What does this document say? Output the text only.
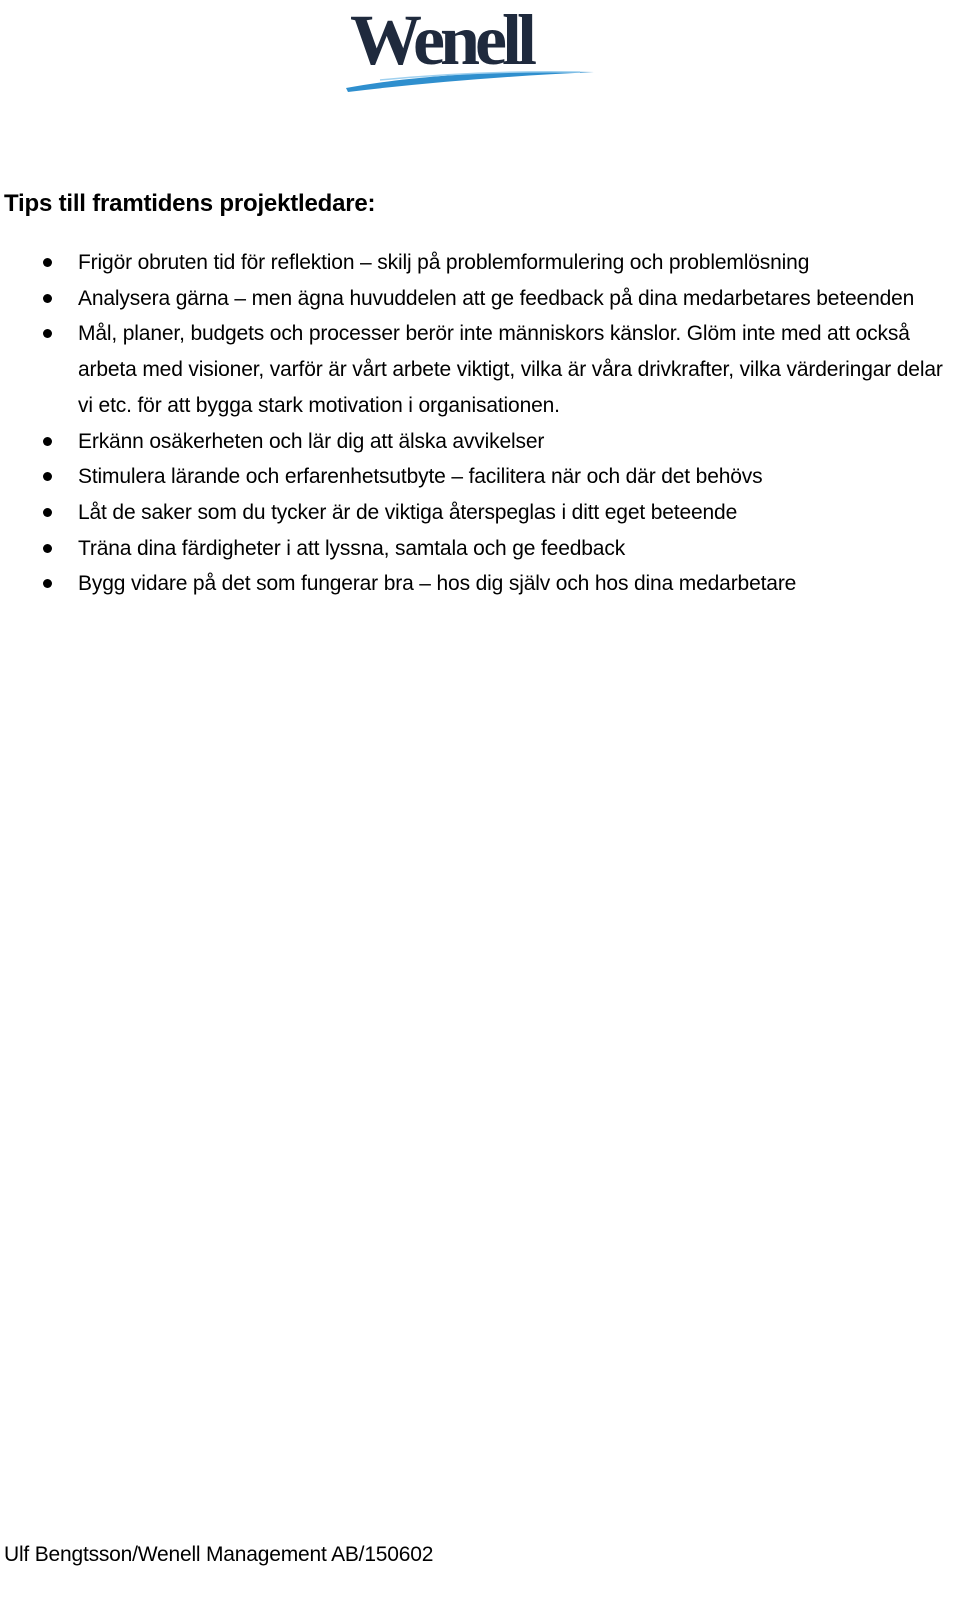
Wenell
Tips till framtidens projektledare:
Frigör obruten tid för reflektion – skilj på problemformulering och problemlösning
Analysera gärna – men ägna huvuddelen att ge feedback på dina medarbetares beteenden
Mål, planer, budgets och processer berör inte människors känslor. Glöm inte med att också arbeta med visioner, varför är vårt arbete viktigt, vilka är våra drivkrafter, vilka värderingar delar vi etc. för att bygga stark motivation i organisationen.
Erkänn osäkerheten och lär dig att älska avvikelser
Stimulera lärande och erfarenhetsutbyte – facilitera när och där det behövs
Låt de saker som du tycker är de viktiga återspeglas i ditt eget beteende
Träna dina färdigheter i att lyssna, samtala och ge feedback
Bygg vidare på det som fungerar bra – hos dig själv och hos dina medarbetare
Ulf Bengtsson/Wenell Management AB/150602
